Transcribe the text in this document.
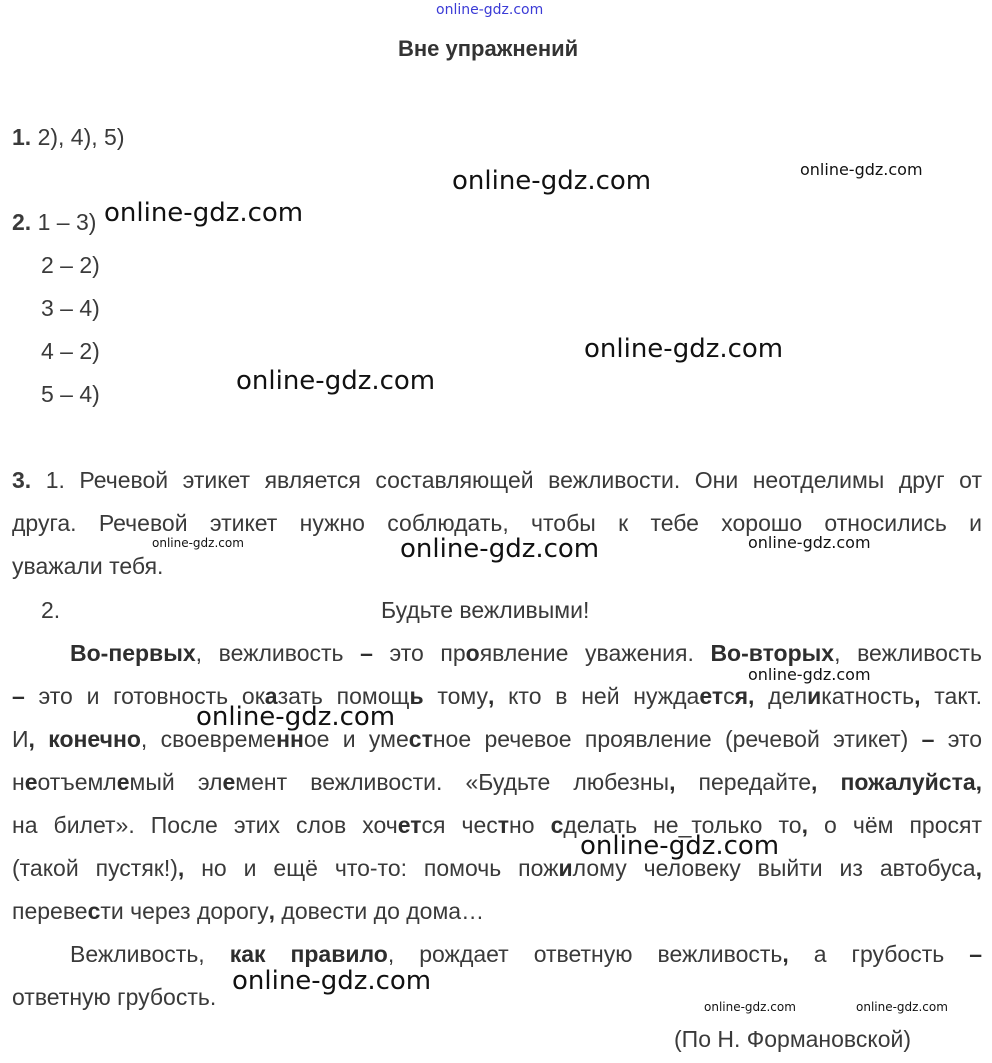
online-gdz.com
Вне упражнений
1. 2), 4), 5)
2. 1 – 3)
2 – 2)
3 – 4)
4 – 2)
5 – 4)
3. 1. Речевой этикет является составляющей вежливости. Они неотделимы друг от
друга. Речевой этикет нужно соблюдать, чтобы к тебе хорошо относились и
уважали тебя.
2.	Будьте вежливыми!
Во-первых, вежливость – это проявление уважения. Во-вторых, вежливость
– это и готовность оказать помощь тому, кто в ней нуждается, деликатность, такт.
И, конечно, своевременное и уместное речевое проявление (речевой этикет) – это
неотъемлемый элемент вежливости. «Будьте любезны, передайте, пожалуйста,
на билет». После этих слов хочется честно сделать не_только то, о чём просят
(такой пустяк!), но и ещё что-то: помочь пожилому человеку выйти из автобуса,
перевести через дорогу, довести до дома…
Вежливость, как правило, рождает ответную вежливость, а грубость –
ответную грубость.
(По Н. Формановской)
online-gdz.com	online-gdz.com
online-gdz.com
online-gdz.com
online-gdz.com
online-gdz.com	online-gdz.com	online-gdz.com
online-gdz.com
online-gdz.com
online-gdz.com
online-gdz.com
online-gdz.com	online-gdz.com
